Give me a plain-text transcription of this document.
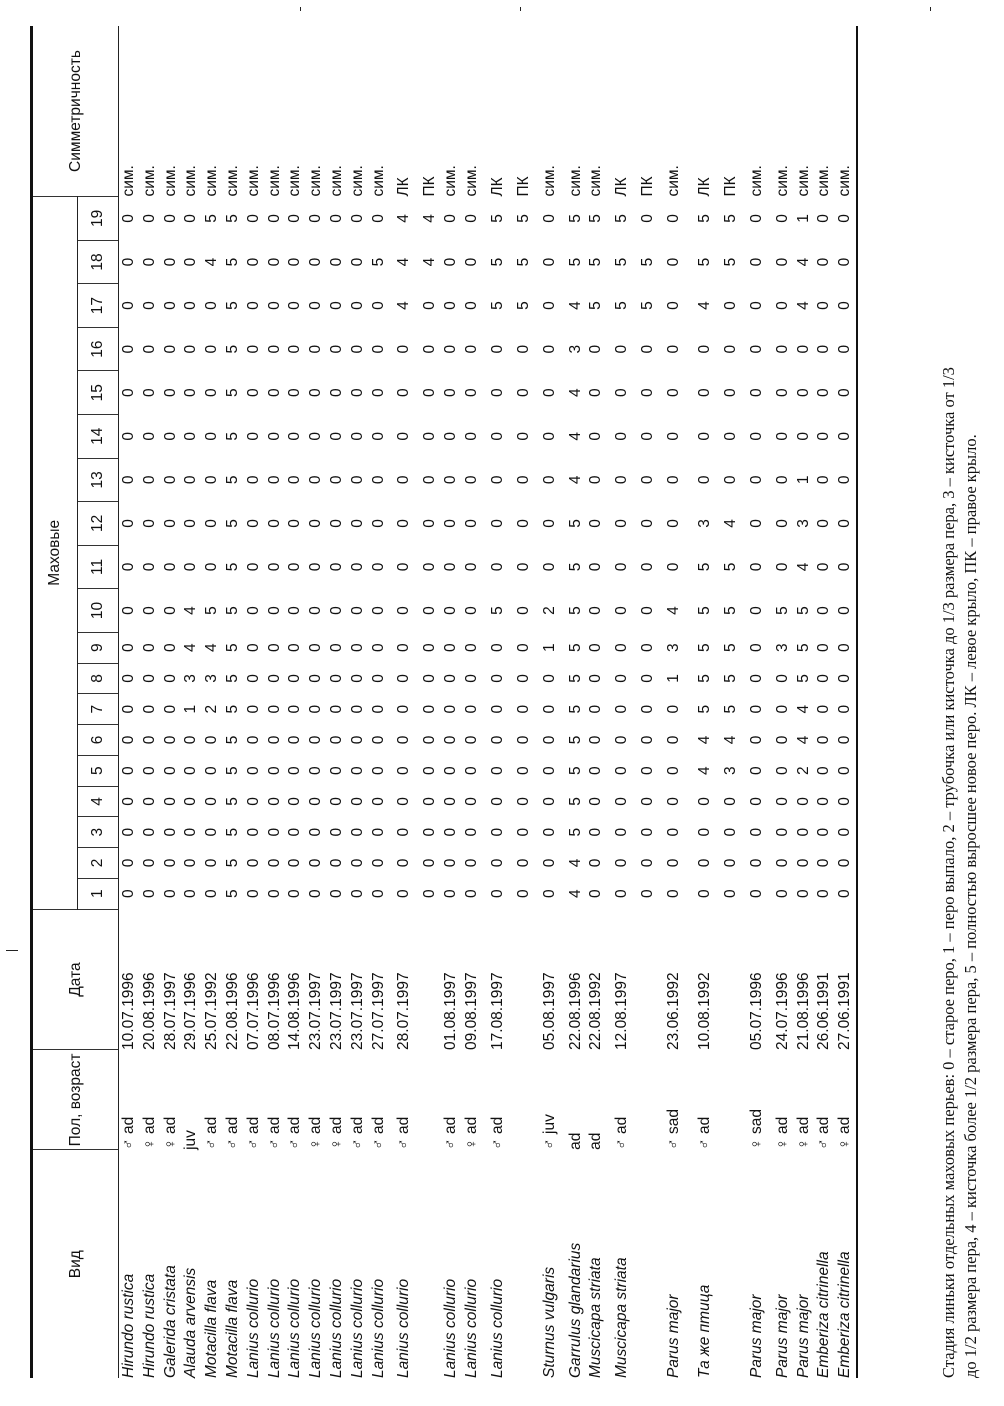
Вид	Пол, возраст	Дата	Маховые																			Симметричность
			1	2	3	4	5	6	7	8	9	10	11	12	13	14	15	16	17	18	19	
Hirundo rustica	♂ ad	10.07.1996	0	0	0	0	0	0	0	0	0	0	0	0	0	0	0	0	0	0	0	сим.
Hirundo rustica	♀ ad	20.08.1996	0	0	0	0	0	0	0	0	0	0	0	0	0	0	0	0	0	0	0	сим.
Galerida cristata	♀ ad	28.07.1997	0	0	0	0	0	0	0	0	0	0	0	0	0	0	0	0	0	0	0	сим.
Alauda arvensis	juv	29.07.1996	0	0	0	0	0	0	1	3	4	4	0	0	0	0	0	0	0	0	0	сим.
Motacilla flava	♂ ad	25.07.1992	0	0	0	0	0	0	2	3	4	5	0	0	0	0	0	0	0	4	5	сим.
Motacilla flava	♂ ad	22.08.1996	5	5	5	5	5	5	5	5	5	5	5	5	5	5	5	5	5	5	5	сим.
Lanius collurio	♂ ad	07.07.1996	0	0	0	0	0	0	0	0	0	0	0	0	0	0	0	0	0	0	0	сим.
Lanius collurio	♂ ad	08.07.1996	0	0	0	0	0	0	0	0	0	0	0	0	0	0	0	0	0	0	0	сим.
Lanius collurio	♂ ad	14.08.1996	0	0	0	0	0	0	0	0	0	0	0	0	0	0	0	0	0	0	0	сим.
Lanius collurio	♀ ad	23.07.1997	0	0	0	0	0	0	0	0	0	0	0	0	0	0	0	0	0	0	0	сим.
Lanius collurio	♀ ad	23.07.1997	0	0	0	0	0	0	0	0	0	0	0	0	0	0	0	0	0	0	0	сим.
Lanius collurio	♂ ad	23.07.1997	0	0	0	0	0	0	0	0	0	0	0	0	0	0	0	0	0	0	0	сим.
Lanius collurio	♂ ad	27.07.1997	0	0	0	0	0	0	0	0	0	0	0	0	0	0	0	0	0	5	0	сим.
Lanius collurio	♂ ad	28.07.1997	0	0	0	0	0	0	0	0	0	0	0	0	0	0	0	0	4	4	4	ЛК
			0	0	0	0	0	0	0	0	0	0	0	0	0	0	0	0	0	4	4	ПК
Lanius collurio	♂ ad	01.08.1997	0	0	0	0	0	0	0	0	0	0	0	0	0	0	0	0	0	0	0	сим.
Lanius collurio	♀ ad	09.08.1997	0	0	0	0	0	0	0	0	0	0	0	0	0	0	0	0	0	0	0	сим.
Lanius collurio	♂ ad	17.08.1997	0	0	0	0	0	0	0	0	0	5	0	0	0	0	0	0	5	5	5	ЛК
			0	0	0	0	0	0	0	0	0	0	0	0	0	0	0	0	5	5	5	ПК
Sturnus vulgaris	♂ juv	05.08.1997	0	0	0	0	0	0	0	0	1	2	0	0	0	0	0	0	0	0	0	сим.
Garrulus glandarius	ad	22.08.1996	4	4	5	5	5	5	5	5	5	5	5	5	4	4	4	3	4	5	5	сим.
Muscicapa striata	ad	22.08.1992	0	0	0	0	0	0	0	0	0	0	0	0	0	0	0	0	5	5	5	сим.
Muscicapa striata	♂ ad	12.08.1997	0	0	0	0	0	0	0	0	0	0	0	0	0	0	0	0	5	5	5	ЛК
			0	0	0	0	0	0	0	0	0	0	0	0	0	0	0	0	5	5	0	ПК
Parus major	♂ sad	23.06.1992	0	0	0	0	0	0	0	1	3	4	0	0	0	0	0	0	0	0	0	сим.
Та же птица	♂ ad	10.08.1992	0	0	0	0	4	4	5	5	5	5	5	3	0	0	0	0	4	5	5	ЛК
			0	0	0	0	3	4	5	5	5	5	5	4	0	0	0	0	0	5	5	ПК
Parus major	♀ sad	05.07.1996	0	0	0	0	0	0	0	0	0	0	0	0	0	0	0	0	0	0	0	сим.
Parus major	♀ ad	24.07.1996	0	0	0	0	0	0	0	0	3	5	0	0	0	0	0	0	0	0	0	сим.
Parus major	♀ ad	21.08.1996	0	0	0	0	2	4	4	5	5	5	4	3	1	0	0	0	4	4	1	сим.
Emberiza citrinella	♂ ad	26.06.1991	0	0	0	0	0	0	0	0	0	0	0	0	0	0	0	0	0	0	0	сим.
Emberiza citrinella	♀ ad	27.06.1991	0	0	0	0	0	0	0	0	0	0	0	0	0	0	0	0	0	0	0	сим.
Стадия линьки отдельных маховых перьев: 0 – старое перо, 1 – перо выпало, 2 – трубочка или кисточка до 1/3 размера пера, 3 – кисточка от 1/3 до 1/2 размера пера, 4 – кисточка более 1/2 размера пера, 5 – полностью выросшее новое перо. ЛК – левое крыло, ПК – правое крыло.
